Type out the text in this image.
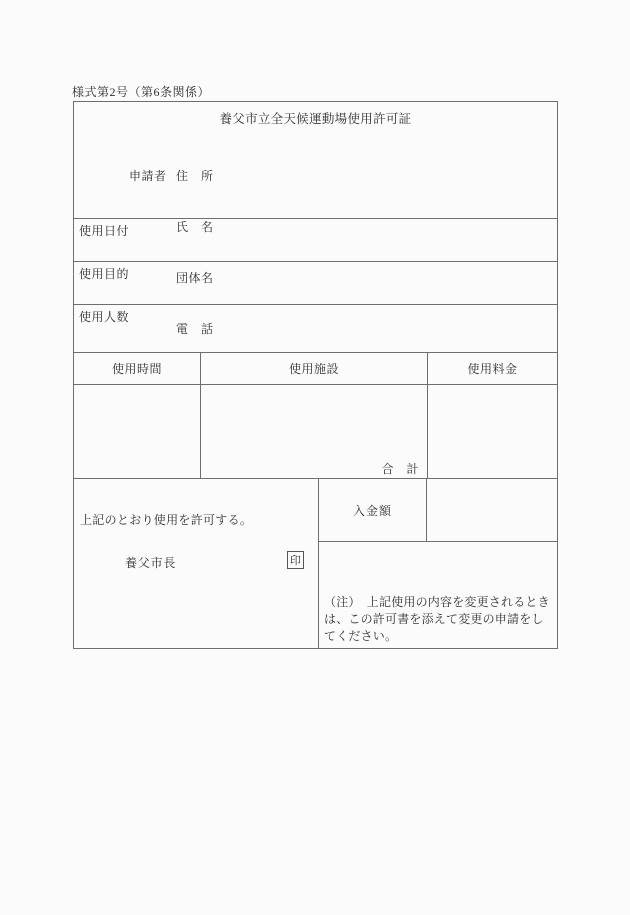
様式第2号（第6条関係）
養父市立全天候運動場使用許可証

申請者 住　所

氏　名

団体名

電　話

使用日付
使用目的
使用人数
使用時間	使用施設	使用料金
合　計
上記のとおり使用を許可する。
養父市長	印
入金額
（注）　上記使用の内容を変更されるときは、この許可書を添えて変更の申請をしてください。
